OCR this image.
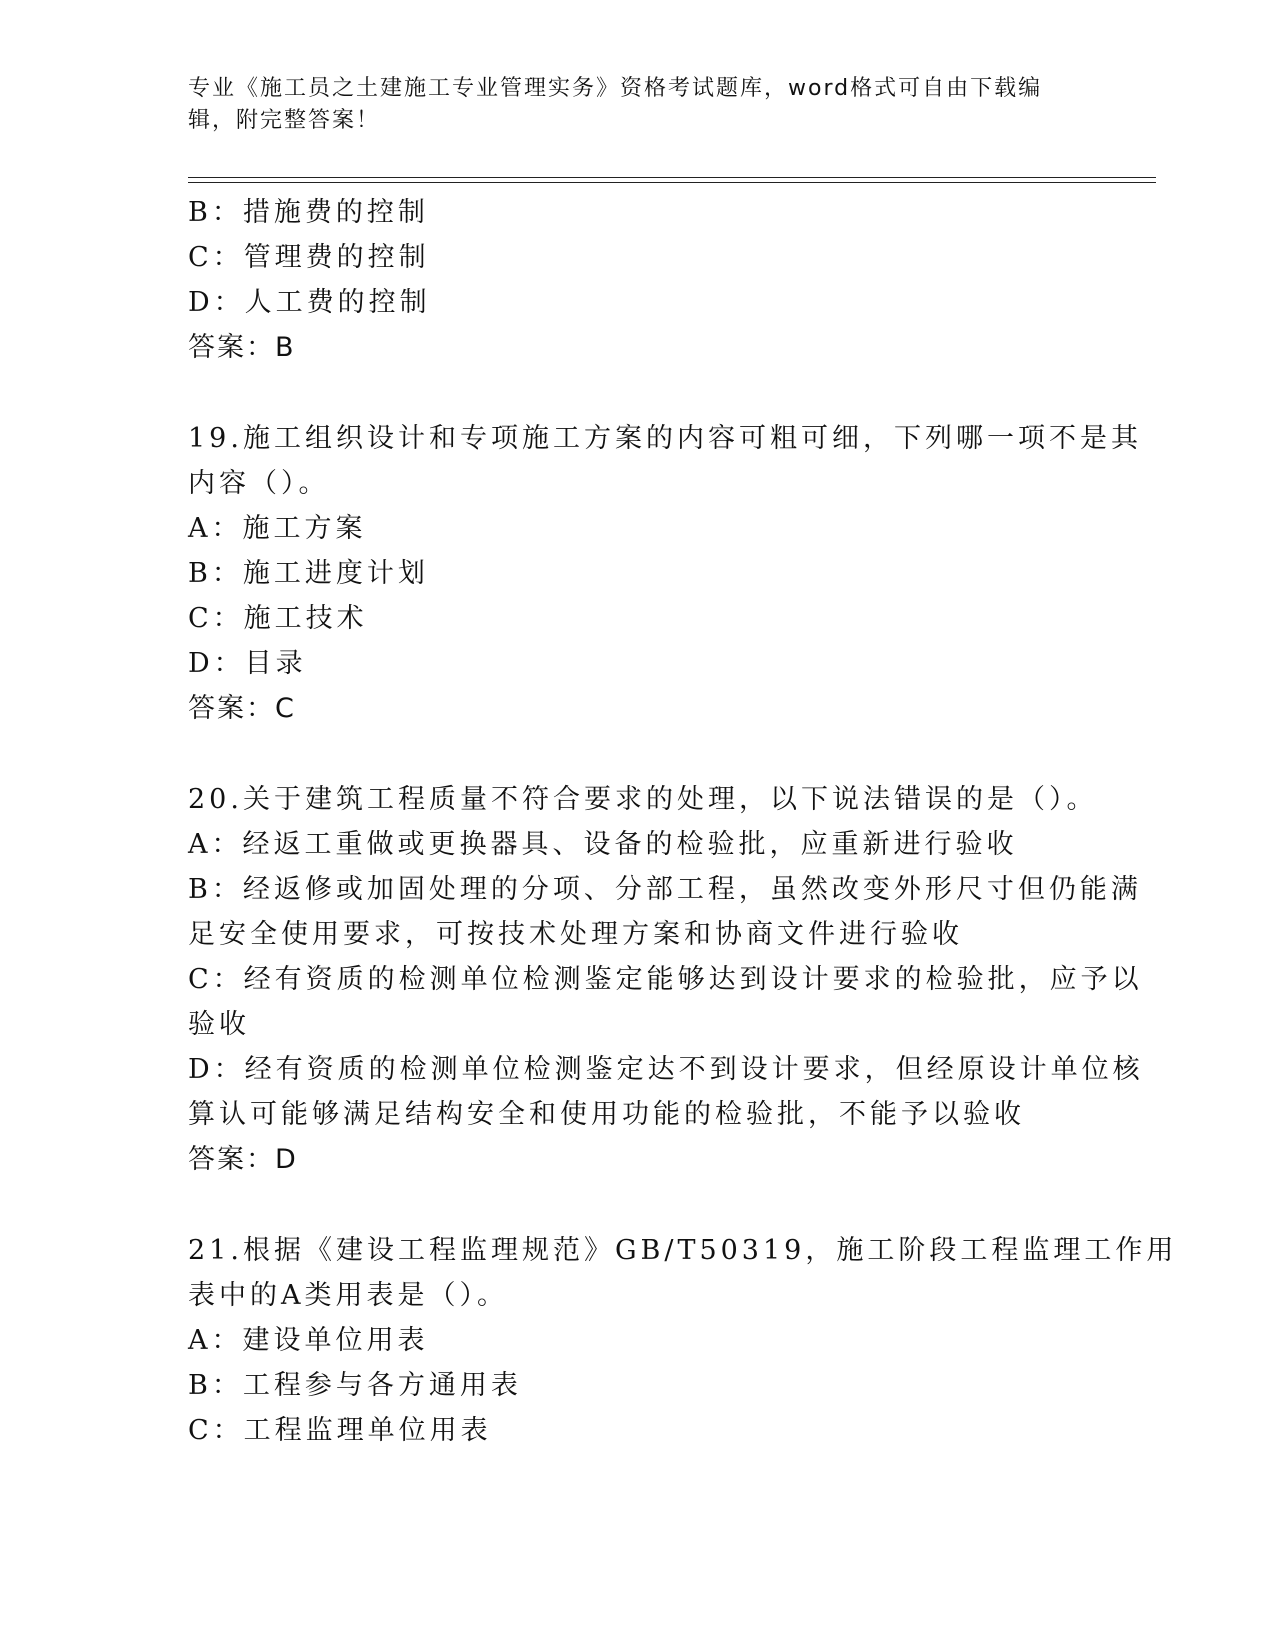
专业《施工员之土建施工专业管理实务》资格考试题库，word格式可自由下载编
辑，附完整答案！
B：措施费的控制
C：管理费的控制
D：人工费的控制
答案：B
19.施工组织设计和专项施工方案的内容可粗可细，下列哪一项不是其
内容（）。
A：施工方案
B：施工进度计划
C：施工技术
D：目录
答案：C
20.关于建筑工程质量不符合要求的处理，以下说法错误的是（）。
A：经返工重做或更换器具、设备的检验批，应重新进行验收
B：经返修或加固处理的分项、分部工程，虽然改变外形尺寸但仍能满
足安全使用要求，可按技术处理方案和协商文件进行验收
C：经有资质的检测单位检测鉴定能够达到设计要求的检验批，应予以
验收
D：经有资质的检测单位检测鉴定达不到设计要求，但经原设计单位核
算认可能够满足结构安全和使用功能的检验批，不能予以验收
答案：D
21.根据《建设工程监理规范》GB/T50319，施工阶段工程监理工作用
表中的A类用表是（）。
A：建设单位用表
B：工程参与各方通用表
C：工程监理单位用表
